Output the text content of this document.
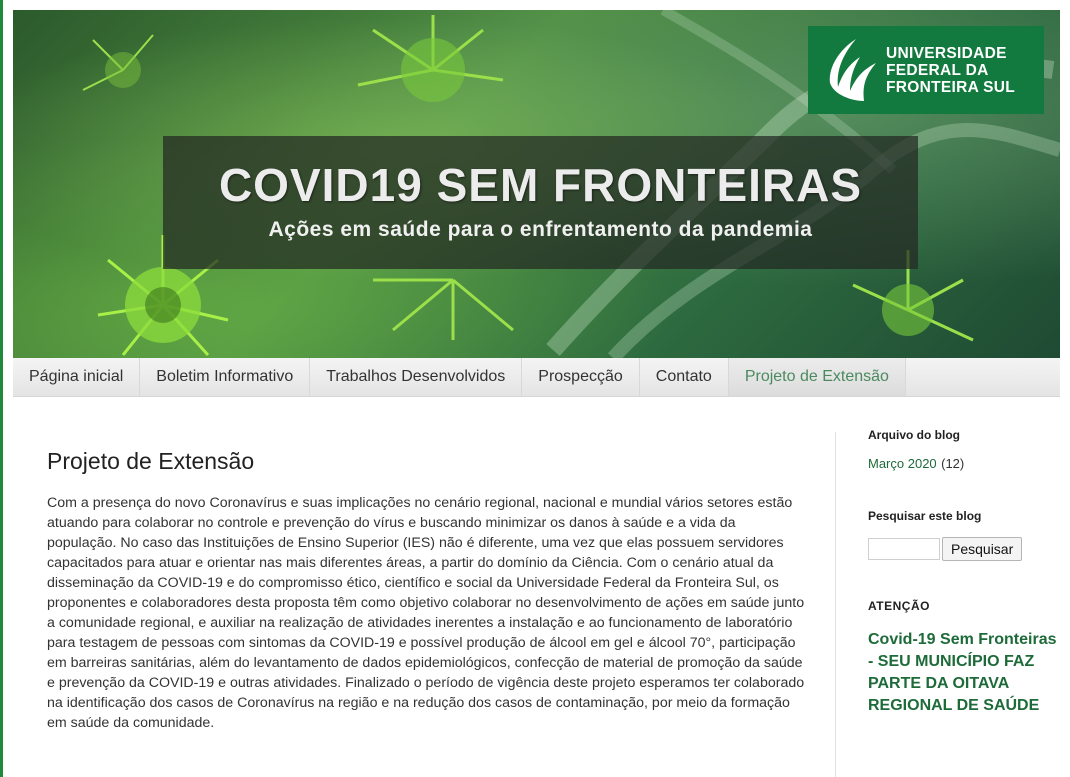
UNIVERSIDADE
FEDERAL DA
FRONTEIRA SUL
COVID19 SEM FRONTEIRAS
Ações em saúde para o enfrentamento da pandemia
Página inicial	Boletim Informativo	Trabalhos Desenvolvidos	Prospecção	Contato	Projeto de Extensão
Projeto de Extensão
Com a presença do novo Coronavírus e suas implicações no cenário regional, nacional e mundial vários setores estão atuando para colaborar no controle e prevenção do vírus e buscando minimizar os danos à saúde e a vida da população. No caso das Instituições de Ensino Superior (IES) não é diferente, uma vez que elas possuem servidores capacitados para atuar e orientar nas mais diferentes áreas, a partir do domínio da Ciência. Com o cenário atual da disseminação da COVID-19 e do compromisso ético, científico e social da Universidade Federal da Fronteira Sul, os proponentes e colaboradores desta proposta têm como objetivo colaborar no desenvolvimento de ações em saúde junto a comunidade regional, e auxiliar na realização de atividades inerentes a instalação e ao funcionamento de laboratório para testagem de pessoas com sintomas da COVID-19 e possível produção de álcool em gel e álcool 70°, participação em barreiras sanitárias, além do levantamento de dados epidemiológicos, confecção de material de promoção da saúde e prevenção da COVID-19 e outras atividades. Finalizado o período de vigência deste projeto esperamos ter colaborado na identificação dos casos de Coronavírus na região e na redução dos casos de contaminação, por meio da formação em saúde da comunidade.
Arquivo do blog
Março 2020 (12)
Pesquisar este blog
Pesquisar
ATENÇÃO
Covid-19 Sem Fronteiras - SEU MUNICÍPIO FAZ PARTE DA OITAVA REGIONAL DE SAÚDE
